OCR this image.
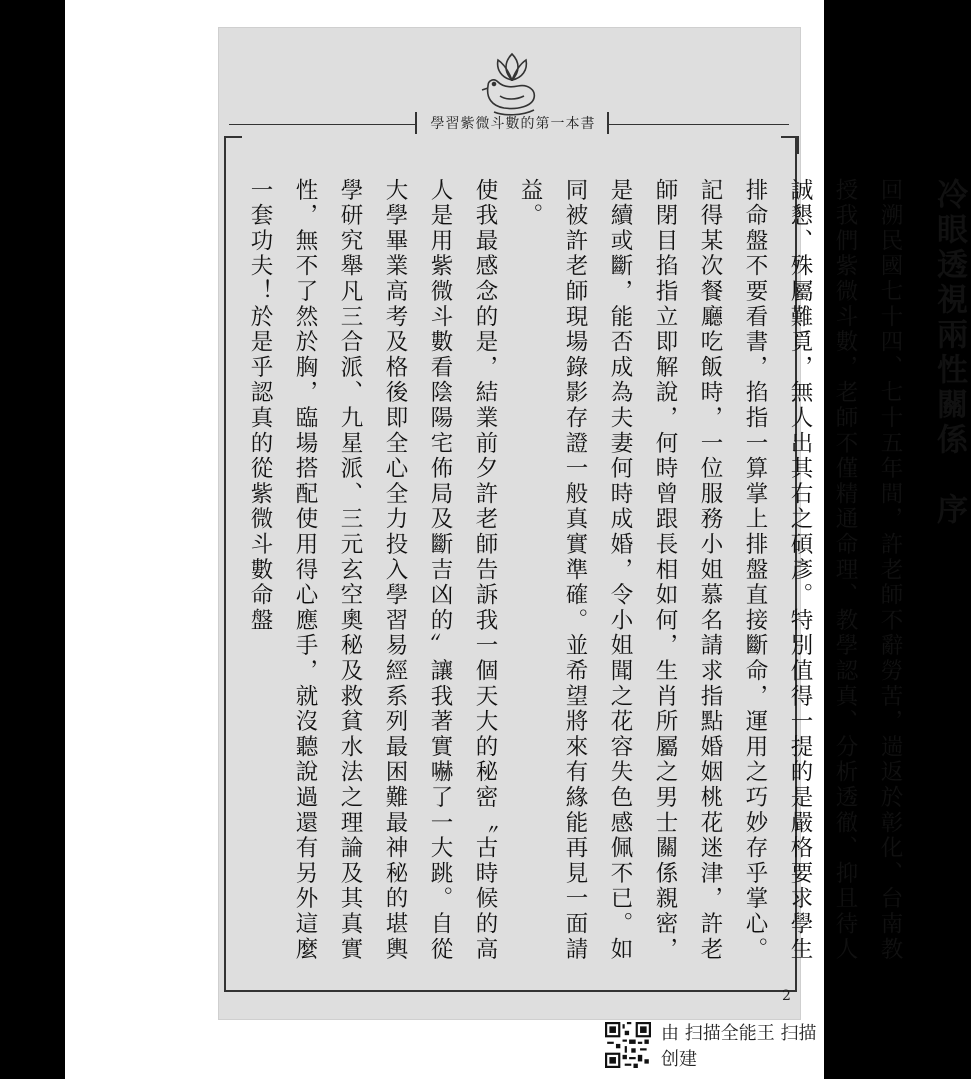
學習紫微斗數的第一本書
冷眼透視兩性關係　序

回溯民國七十四、七十五年間，許老師不辭勞苦，遄返於彰化、台南教授我們紫微斗數，老師不僅精通命理、教學認真、分析透徹、抑且待人誠懇、殊屬難覓，無人出其右之碩彥。特別值得一提的是嚴格要求學生排命盤不要看書，掐指一算掌上排盤直接斷命，運用之巧妙存乎掌心。記得某次餐廳吃飯時，一位服務小姐慕名請求指點婚姻桃花迷津，許老師閉目掐指立即解說，何時曾跟長相如何，生肖所屬之男士關係親密，是續或斷，能否成為夫妻何時成婚，令小姐聞之花容失色感佩不已。如同被許老師現場錄影存證一般真實準確。並希望將來有緣能再見一面請益。

使我最感念的是，結業前夕許老師告訴我一個天大的秘密〝古時候的高人是用紫微斗數看陰陽宅佈局及斷吉凶的〞讓我著實嚇了一大跳。自從大學畢業高考及格後即全心全力投入學習易經系列最困難最神秘的堪輿學研究舉凡三合派、九星派、三元玄空奧秘及救貧水法之理論及其真實性，無不了然於胸，臨場搭配使用得心應手，就沒聽說過還有另外這麼一套功夫！於是乎認真的從紫微斗數命盤

2
由 扫描全能王 扫描创建
